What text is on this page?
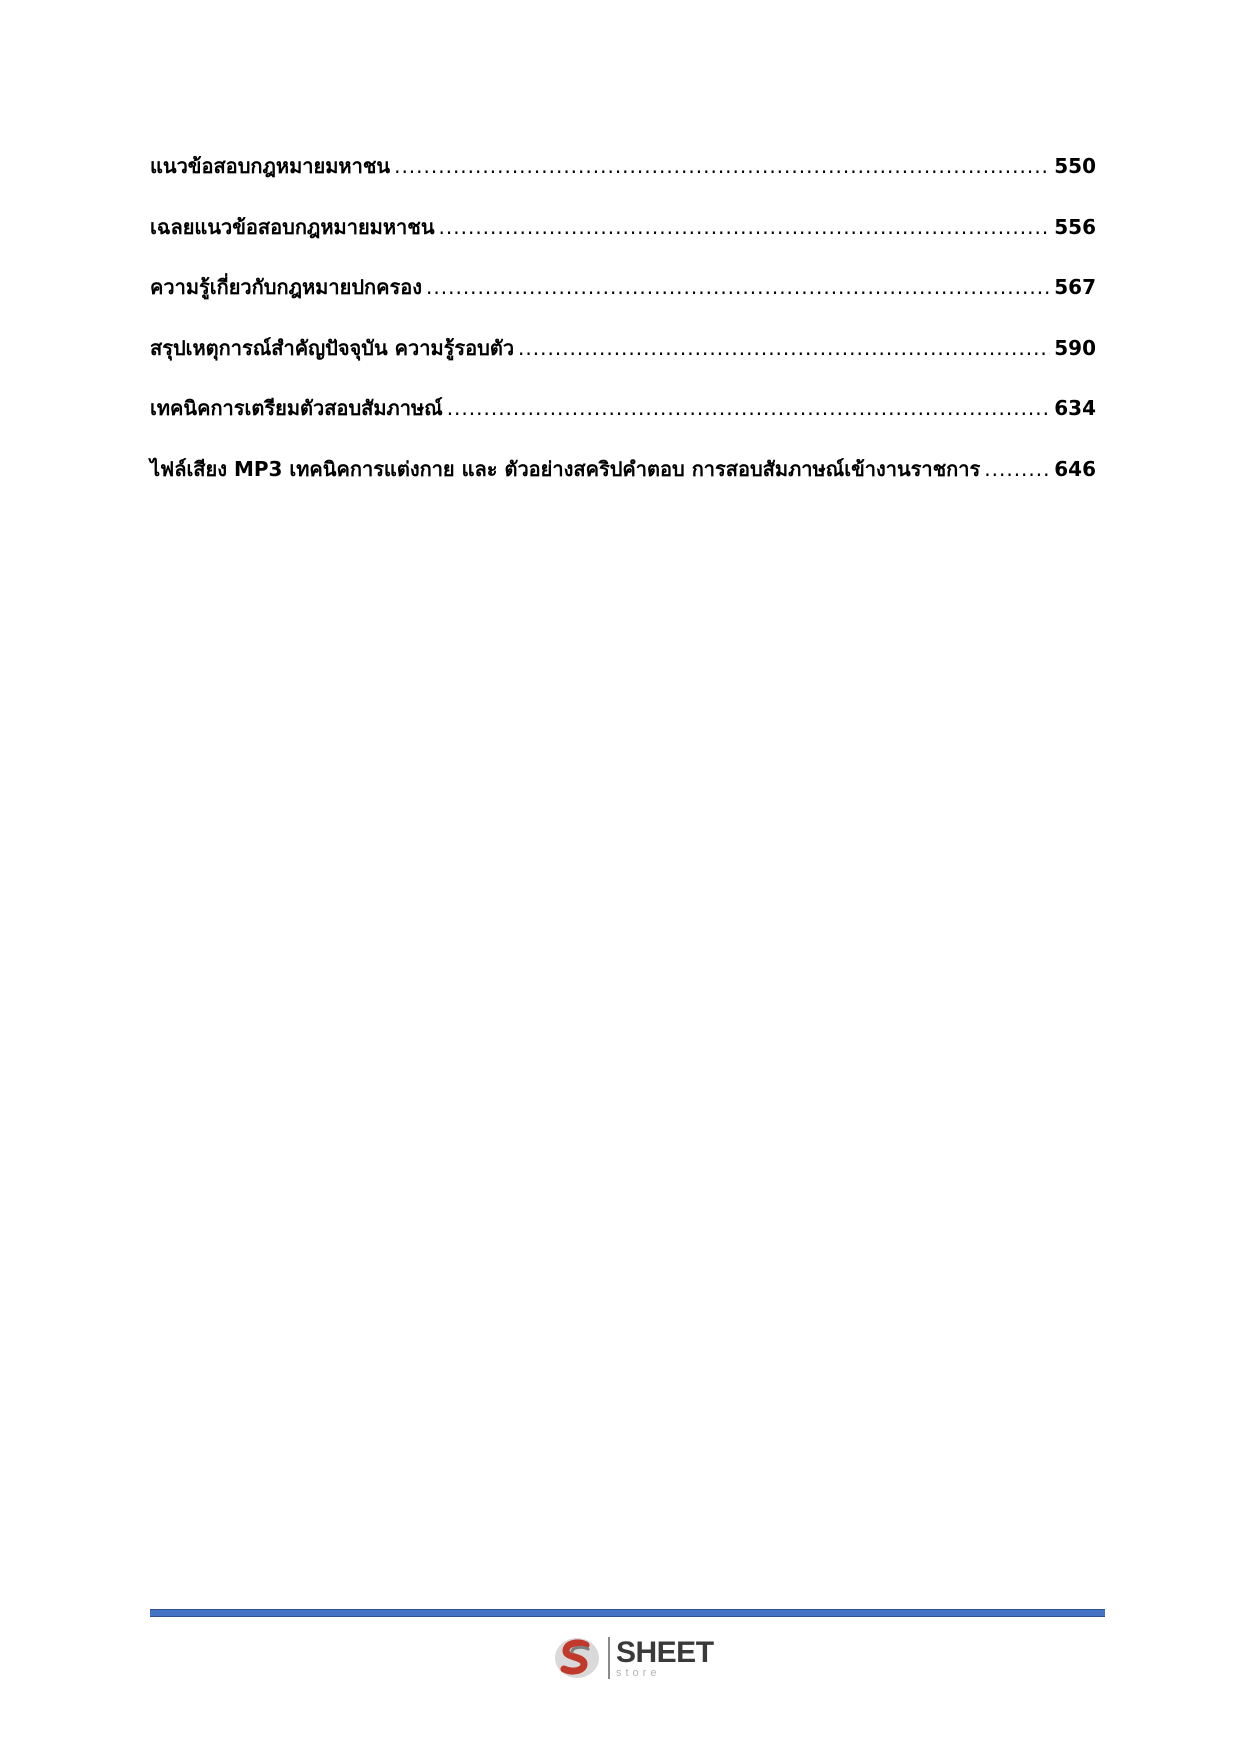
แนวข้อสอบกฎหมายมหาชน .....	550
เฉลยแนวข้อสอบกฎหมายมหาชน .....	556
ความรู้เกี่ยวกับกฎหมายปกครอง .....	567
สรุปเหตุการณ์สำคัญปัจจุบัน ความรู้รอบตัว .....	590
เทคนิคการเตรียมตัวสอบสัมภาษณ์ .....	634
ไฟล์เสียง MP3 เทคนิคการแต่งกาย และ ตัวอย่างสคริปคำตอบ การสอบสัมภาษณ์เข้างานราชการ .....	646
SHEET
store
